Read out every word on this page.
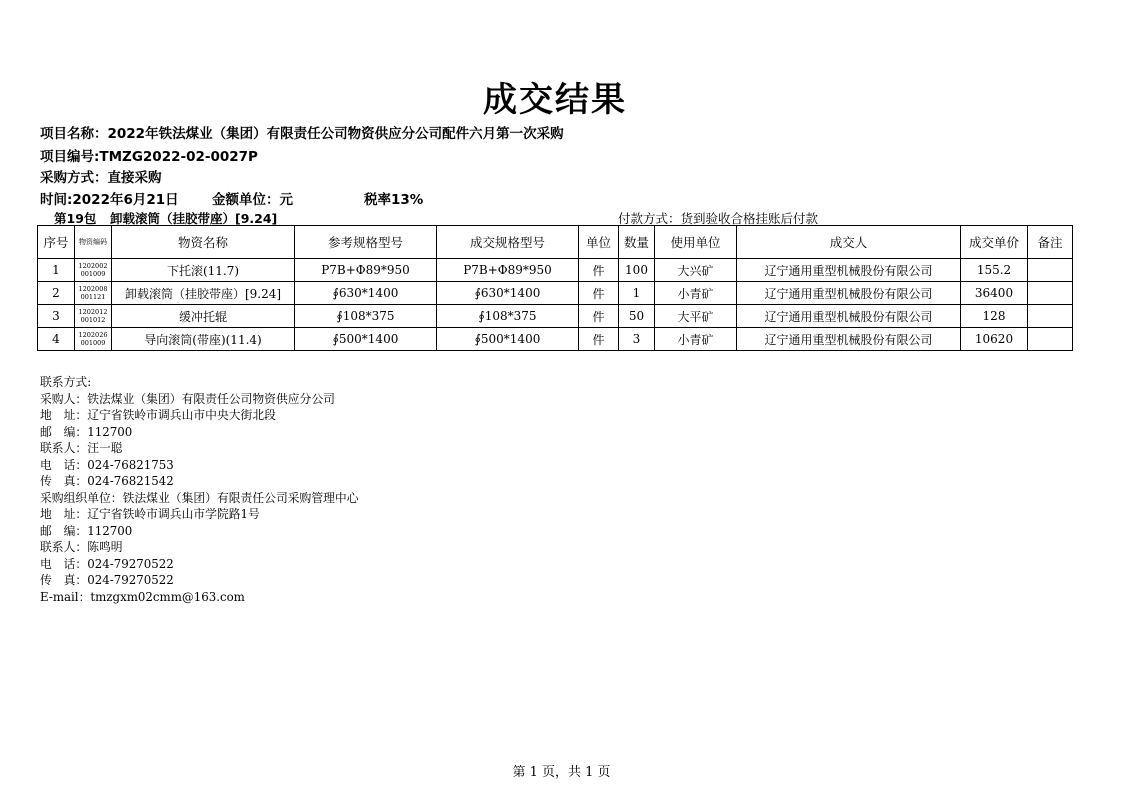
成交结果
项目名称：2022年铁法煤业（集团）有限责任公司物资供应分公司配件六月第一次采购
项目编号:TMZG2022-02-0027P
采购方式：直接采购
时间:2022年6月21日 金额单位：元	税率13%
第19包 卸载滚筒（挂胶带座）[9.24]	付款方式：货到验收合格挂账后付款
序号	物资编码	物资名称	参考规格型号	成交规格型号	单位	数量	使用单位	成交人	成交单价	备注
1	1202002 001009	下托滚(11.7)	P7B+Φ89*950	P7B+Φ89*950	件	100	大兴矿	辽宁通用重型机械股份有限公司	155.2	
2	1202008 001121	卸载滚筒（挂胶带座）[9.24]	∮630*1400	∮630*1400	件	1	小青矿	辽宁通用重型机械股份有限公司	36400	
3	1202012 001012	缓冲托辊	∮108*375	∮108*375	件	50	大平矿	辽宁通用重型机械股份有限公司	128	
4	1202026 001009	导向滚筒(带座)(11.4)	∮500*1400	∮500*1400	件	3	小青矿	辽宁通用重型机械股份有限公司	10620	
联系方式:
采购人：铁法煤业（集团）有限责任公司物资供应分公司
地　址：辽宁省铁岭市调兵山市中央大街北段
邮　编：112700
联系人：汪一聪
电　话：024-76821753
传　真：024-76821542
采购组织单位：铁法煤业（集团）有限责任公司采购管理中心
地　址：辽宁省铁岭市调兵山市学院路1号
邮　编：112700
联系人：陈鸣明
电　话：024-79270522
传　真：024-79270522
E-mail：tmzgxm02cmm@163.com
第 1 页，共 1 页
